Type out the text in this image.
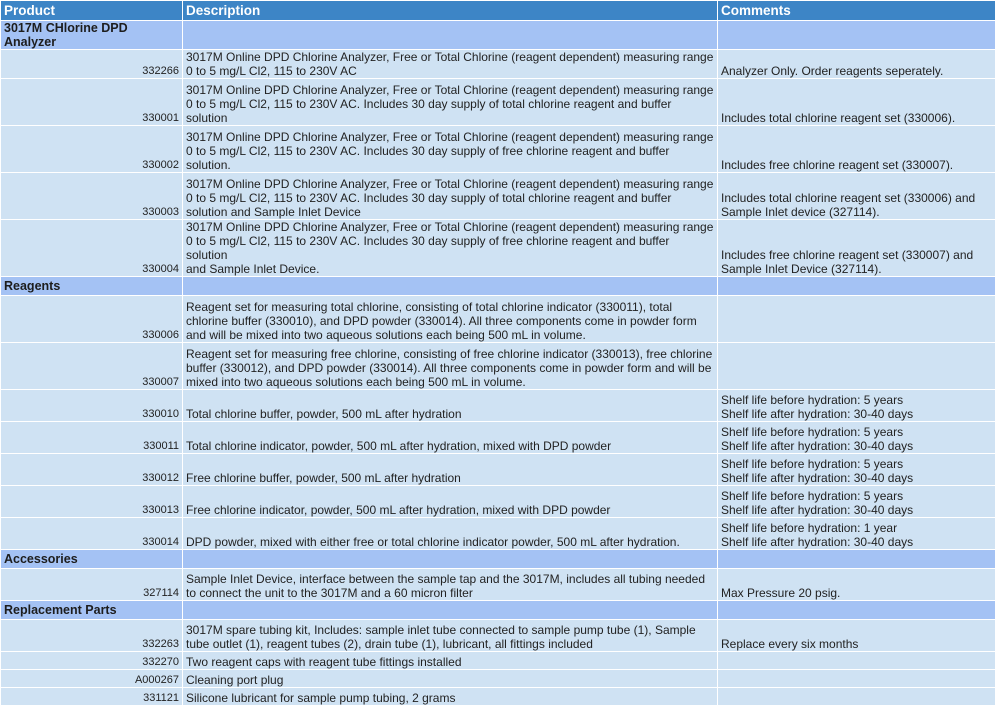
Product	Description	Comments
3017M CHlorine DPD Analyzer		
332266	3017M Online DPD Chlorine Analyzer, Free or Total Chlorine (reagent dependent) measuring range
0 to 5 mg/L Cl2, 115 to 230V AC	Analyzer Only. Order reagents seperately.
330001	3017M Online DPD Chlorine Analyzer, Free or Total Chlorine (reagent dependent) measuring range
0 to 5 mg/L Cl2, 115 to 230V AC. Includes 30 day supply of total chlorine reagent and buffer
solution	Includes total chlorine reagent set (330006).
330002	3017M Online DPD Chlorine Analyzer, Free or Total Chlorine (reagent dependent) measuring range
0 to 5 mg/L Cl2, 115 to 230V AC. Includes 30 day supply of free chlorine reagent and buffer
solution.	Includes free chlorine reagent set (330007).
330003	3017M Online DPD Chlorine Analyzer, Free or Total Chlorine (reagent dependent) measuring range
0 to 5 mg/L Cl2, 115 to 230V AC. Includes 30 day supply of total chlorine reagent and buffer
solution and Sample Inlet Device	Includes total chlorine reagent set (330006) and
Sample Inlet device (327114).
330004	3017M Online DPD Chlorine Analyzer, Free or Total Chlorine (reagent dependent) measuring range
0 to 5 mg/L Cl2, 115 to 230V AC. Includes 30 day supply of free chlorine reagent and buffer solution
and Sample Inlet Device.	Includes free chlorine reagent set (330007) and
Sample Inlet Device (327114).
Reagents		
330006	Reagent set for measuring total chlorine, consisting of total chlorine indicator (330011), total
chlorine buffer (330010), and DPD powder (330014). All three components come in powder form
and will be mixed into two aqueous solutions each being 500 mL in volume.	
330007	Reagent set for measuring free chlorine, consisting of free chlorine indicator (330013), free chlorine
buffer (330012), and DPD powder (330014). All three components come in powder form and will be
mixed into two aqueous solutions each being 500 mL in volume.	
330010	Total chlorine buffer, powder, 500 mL after hydration	Shelf life before hydration: 5 years
Shelf life after hydration: 30-40 days
330011	Total chlorine indicator, powder, 500 mL after hydration, mixed with DPD powder	Shelf life before hydration: 5 years
Shelf life after hydration: 30-40 days
330012	Free chlorine buffer, powder, 500 mL after hydration	Shelf life before hydration: 5 years
Shelf life after hydration: 30-40 days
330013	Free chlorine indicator, powder, 500 mL after hydration, mixed with DPD powder	Shelf life before hydration: 5 years
Shelf life after hydration: 30-40 days
330014	DPD powder, mixed with either free or total chlorine indicator powder, 500 mL after hydration.	Shelf life before hydration: 1 year
Shelf life after hydration: 30-40 days
Accessories		
327114	Sample Inlet Device, interface between the sample tap and the 3017M, includes all tubing needed
to connect the unit to the 3017M and a 60 micron filter	Max Pressure 20 psig.
Replacement Parts		
332263	3017M spare tubing kit, Includes: sample inlet tube connected to sample pump tube (1), Sample
tube outlet (1), reagent tubes (2), drain tube (1), lubricant, all fittings included	Replace every six months
332270	Two reagent caps with reagent tube fittings installed	
A000267	Cleaning port plug	
331121	Silicone lubricant for sample pump tubing, 2 grams	
